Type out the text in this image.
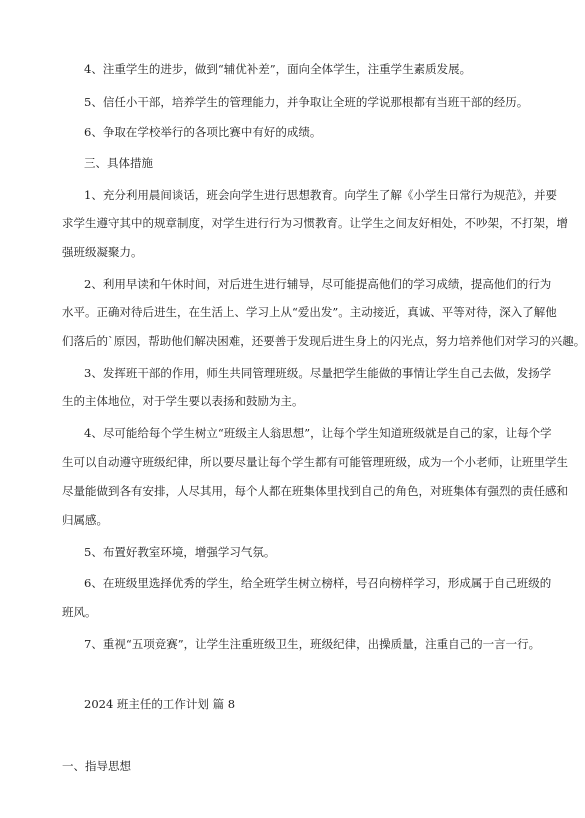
4、注重学生的进步，做到“辅优补差”，面向全体学生，注重学生素质发展。
5、信任小干部，培养学生的管理能力，并争取让全班的学说那根都有当班干部的经历。
6、争取在学校举行的各项比赛中有好的成绩。
三、具体措施
1、充分利用晨间谈话，班会向学生进行思想教育。向学生了解《小学生日常行为规范》，并要
求学生遵守其中的规章制度，对学生进行行为习惯教育。让学生之间友好相处，不吵架，不打架，增
强班级凝聚力。
2、利用早读和午休时间，对后进生进行辅导，尽可能提高他们的学习成绩，提高他们的行为
水平。正确对待后进生，在生活上、学习上从“爱出发”。主动接近，真诚、平等对待，深入了解他
们落后的`原因，帮助他们解决困难，还要善于发现后进生身上的闪光点，努力培养他们对学习的兴趣。
3、发挥班干部的作用，师生共同管理班级。尽量把学生能做的事情让学生自己去做，发扬学
生的主体地位，对于学生要以表扬和鼓励为主。
4、尽可能给每个学生树立“班级主人翁思想”，让每个学生知道班级就是自己的家，让每个学
生可以自动遵守班级纪律，所以要尽量让每个学生都有可能管理班级，成为一个小老师，让班里学生
尽量能做到各有安排，人尽其用，每个人都在班集体里找到自己的角色，对班集体有强烈的责任感和
归属感。
5、布置好教室环境，增强学习气氛。
6、在班级里选择优秀的学生，给全班学生树立榜样，号召向榜样学习，形成属于自己班级的
班风。
7、重视“五项竞赛”，让学生注重班级卫生，班级纪律，出操质量，注重自己的一言一行。
2024 班主任的工作计划 篇 8
一、指导思想
